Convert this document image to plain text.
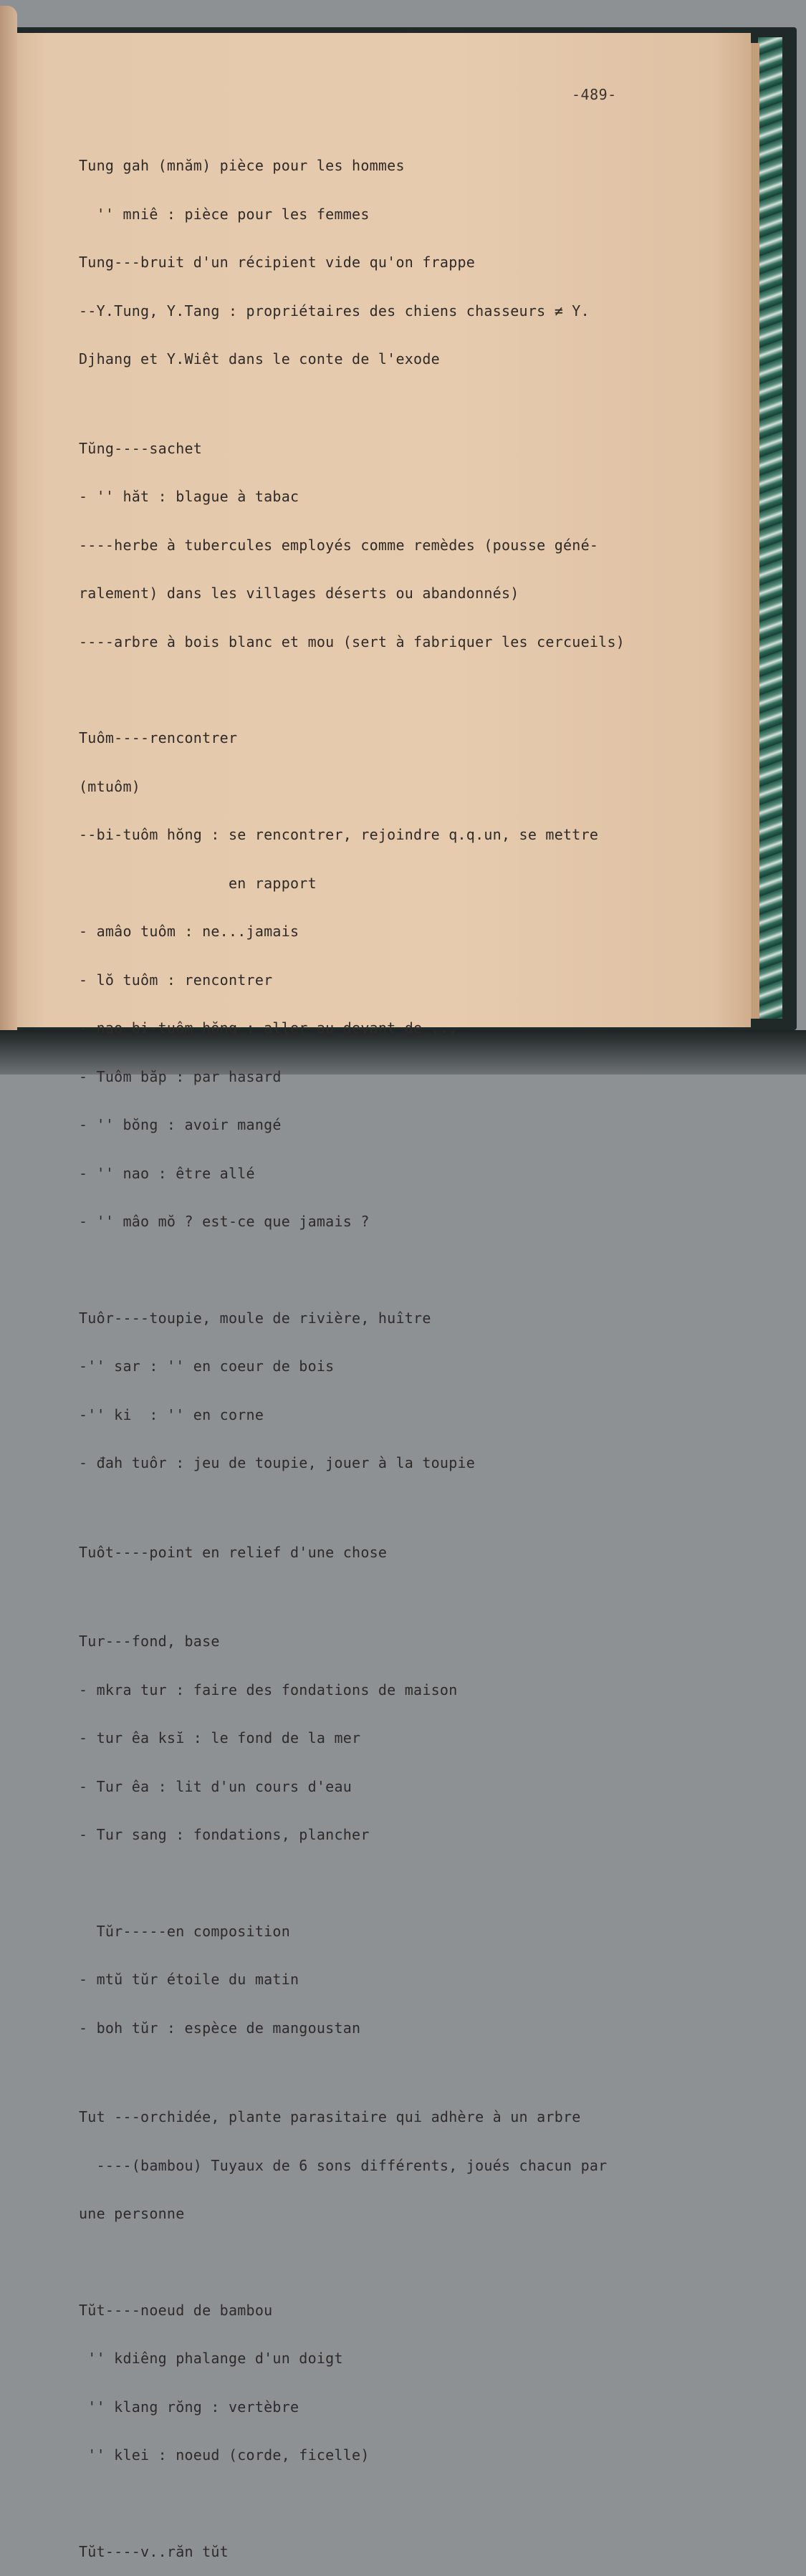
-489-

Tung gah (mnăm) pièce pour les hommes

'' mniê : pièce pour les femmes

Tung---bruit d'un récipient vide qu'on frappe

--Y.Tung, Y.Tang : propriétaires des chiens chasseurs ≠ Y.

Djhang et Y.Wiêt dans le conte de l'exode

Tŭng----sachet

- '' hăt : blague à tabac

----herbe à tubercules employés comme remèdes (pousse géné-

ralement) dans les villages déserts ou abandonnés)

----arbre à bois blanc et mou (sert à fabriquer les cercueils)

Tuôm----rencontrer

(mtuôm)

--bi-tuôm hŏng : se rencontrer, rejoindre q.q.un, se mettre

en rapport

- amâo tuôm : ne...jamais

- lŏ tuôm : rencontrer

- nao bi-tuôm hŏng : aller au devant de ...

- Tuôm băp : par hasard

- '' bŏng : avoir mangé

- '' nao : être allé

- '' mâo mŏ ? est-ce que jamais ?

Tuôr----toupie, moule de rivière, huître

-'' sar : '' en coeur de bois

-'' ki  : '' en corne

- đah tuôr : jeu de toupie, jouer à la toupie

Tuôt----point en relief d'une chose

Tur---fond, base

- mkra tur : faire des fondations de maison

- tur êa ksĭ : le fond de la mer

- Tur êa : lit d'un cours d'eau

- Tur sang : fondations, plancher

Tŭr-----en composition

- mtŭ tŭr étoile du matin

- boh tŭr : espèce de mangoustan

Tut ---orchidée, plante parasitaire qui adhère à un arbre

----(bambou) Tuyaux de 6 sons différents, joués chacun par

une personne

Tŭt----noeud de bambou

'' kdiêng phalange d'un doigt

'' klang rŏng : vertèbre

'' klei : noeud (corde, ficelle)

Tŭt----v..răn tŭt
